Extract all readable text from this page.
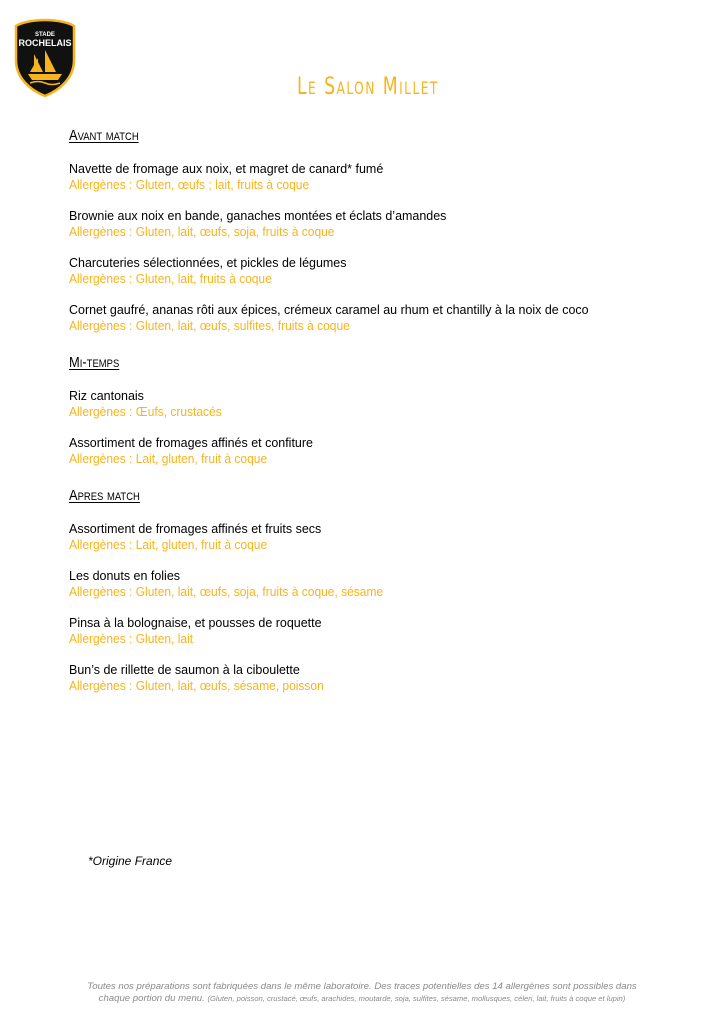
STADE
ROCHELAIS
Le Salon Millet
Avant match
Navette de fromage aux noix, et magret de canard* fumé
Allergènes : Gluten, œufs ; lait, fruits à coque
Brownie aux noix en bande, ganaches montées et éclats d’amandes
Allergènes : Gluten, lait, œufs, soja, fruits à coque
Charcuteries sélectionnées, et pickles de légumes
Allergènes : Gluten, lait, fruits à coque
Cornet gaufré, ananas rôti aux épices, crémeux caramel au rhum et chantilly à la noix de coco
Allergènes : Gluten, lait, œufs, sulfites, fruits à coque
Mi-temps
Riz cantonais
Allergènes : Œufs, crustacés
Assortiment de fromages affinés et confiture
Allergènes : Lait, gluten, fruit à coque
Apres match
Assortiment de fromages affinés et fruits secs
Allergènes : Lait, gluten, fruit à coque
Les donuts en folies
Allergènes : Gluten, lait, œufs, soja, fruits à coque, sésame
Pinsa à la bolognaise, et pousses de roquette
Allergènes : Gluten, lait
Bun’s de rillette de saumon à la ciboulette
Allergènes : Gluten, lait, œufs, sésame, poisson
*Origine France
Toutes nos préparations sont fabriquées dans le même laboratoire. Des traces potentielles des 14 allergènes sont possibles dans
chaque portion du menu. (Gluten, poisson, crustacé, œufs, arachides, moutarde, soja, sulfites, sésame, mollusques, céleri, lait, fruits à coque et lupin)
